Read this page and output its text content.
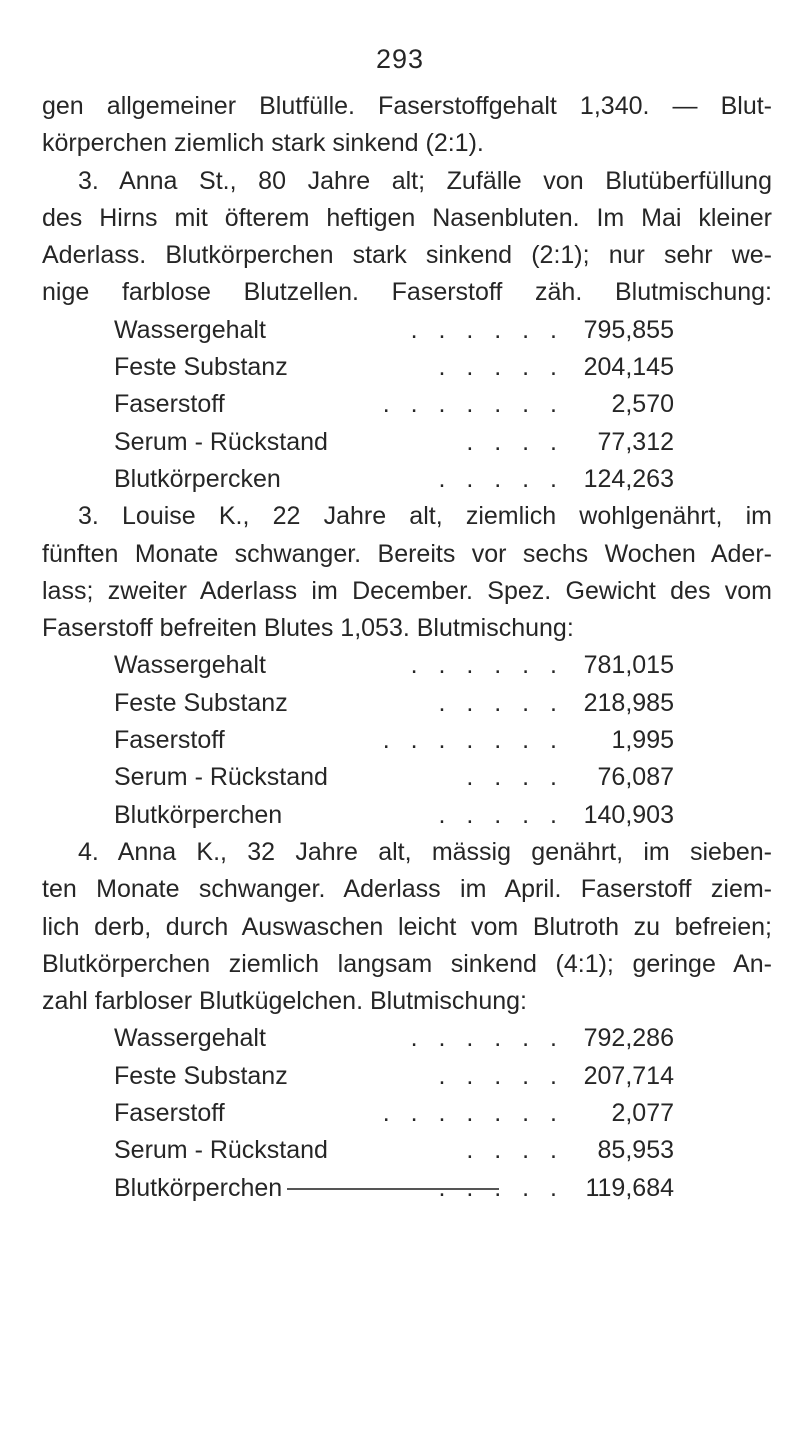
293

gen allgemeiner Blutfülle. Faserstoffgehalt 1,340. — Blut-
körperchen ziemlich stark sinkend (2:1).

3. Anna St., 80 Jahre alt; Zufälle von Blutüberfüllung
des Hirns mit öfterem heftigen Nasenbluten. Im Mai kleiner
Aderlass. Blutkörperchen stark sinkend (2:1); nur sehr we-
nige farblose Blutzellen. Faserstoff zäh. Blutmischung:

Wassergehalt	. . . . . . 795,855
Feste Substanz	. . . . . 204,145
Faserstoff	. . . . . . .	2,570
Serum - Rückstand	. . . .	77,312
Blutkörpercken	. . . . . 124,263

3. Louise K., 22 Jahre alt, ziemlich wohlgenährt, im
fünften Monate schwanger. Bereits vor sechs Wochen Ader-
lass; zweiter Aderlass im December. Spez. Gewicht des vom
Faserstoff befreiten Blutes 1,053. Blutmischung:

Wassergehalt	. . . . . . 781,015
Feste Substanz	. . . . . 218,985
Faserstoff	. . . . . . .	1,995
Serum - Rückstand	. . . .	76,087
Blutkörperchen	. . . . . 140,903

4. Anna K., 32 Jahre alt, mässig genährt, im sieben-
ten Monate schwanger. Aderlass im April. Faserstoff ziem-
lich derb, durch Auswaschen leicht vom Blutroth zu befreien;
Blutkörperchen ziemlich langsam sinkend (4:1); geringe An-
zahl farbloser Blutkügelchen. Blutmischung:

Wassergehalt	. . . . . . 792,286
Feste Substanz	. . . . . 207,714
Faserstoff	. . . . . . .	2,077
Serum - Rückstand	. . . .	85,953
Blutkörperchen	. . . . . 119,684
